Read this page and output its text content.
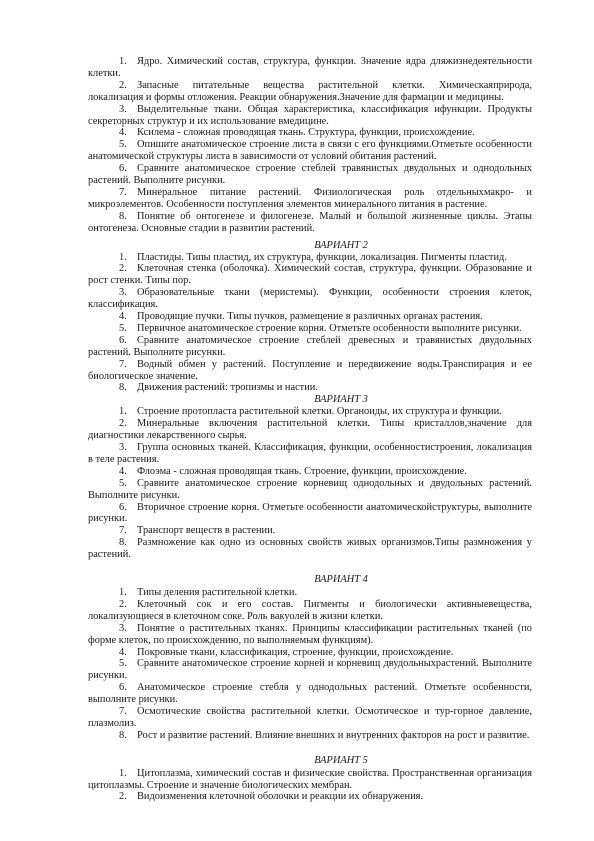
1. Ядро. Химический состав, структура, функции. Значение ядра дляжизнедеятельности клетки.

2. Запасные питательные вещества растительной клетки. Химическаяприрода, локализация и формы отложения. Реакции обнаружения.Значение для фармации и медицины.

3. Выделительные ткани. Общая характеристика, классификация ифункции. Продукты секреторных структур и их использование вмедицине.

4. Ксилема - сложная проводящая ткань. Структура, функции, происхождение.

5. Опишите анатомическое строение листа в связи с его функциями.Отметьте особенности анатомической структуры листа в зависимости от условий обитания растений.

6. Сравните анатомическое строение стеблей травянистых двудольных и однодольных растений. Выполните рисунки.

7. Минеральное питание растений. Физиологическая роль отдельныхмакро- и микроэлементов. Особенности поступления элементов минерального питания в растение.

8. Понятие об онтогенезе и филогенезе. Малый и большой жизненные циклы. Этапы онтогенеза. Основные стадии в развитии растений.

ВАРИАНТ 2

1. Пластиды. Типы пластид, их структура, функции, локализация. Пигменты пластид.

2. Клеточная стенка (оболочка). Химический состав, структура, функции. Образование и рост стенки. Типы пор.

3. Образовательные ткани (меристемы). Функции, особенности строения клеток, классификация.

4. Проводящие пучки. Типы пучков, размещение в различных органах растения.

5. Первичное анатомическое строение корня. Отметьте особенности выполните рисунки.

6. Сравните анатомическое строение стеблей древесных и травянистых двудольных растений. Выполните рисунки.

7. Водный обмен у растений. Поступление и передвижение воды.Транспирация и ее биологическое значение.

8. Движения растений: тропизмы и настии.

ВАРИАНТ 3

1. Строение протопласта растительной клетки. Органоиды, их структура и функции.

2. Минеральные включения растительной клетки. Типы кристаллов,значение для диагностики лекарственного сырья.

3. Группа основных тканей. Классификация, функции, особенностистроения, локализация в теле растения.

4. Флоэма - сложная проводящая ткань. Строение, функции, происхождение.

5. Сравните анатомическое строение корневищ однодольных и двудольных растений. Выполните рисунки.

6. Вторичное строение корня. Отметьте особенности анатомическойструктуры, выполните рисунки.

7. Транспорт веществ в растении.

8. Размножение как одно из основных свойств живых организмов.Типы размножения у растений.

ВАРИАНТ 4

1. Типы деления растительной клетки.

2. Клеточный сок и его состав. Пигменты и биологически активныевещества, локализующиеся в клеточном соке. Роль вакуолей в жизни клетки.

3. Понятие о растительных тканях. Принципы классификации растительных тканей (по форме клеток, по происхождению, по выполняемым функциям).

4. Покровные ткани, классификация, строение, функции, происхождение.

5. Сравните анатомическое строение корней и корневищ двудольныхрастений. Выполните рисунки.

6. Анатомическое строение стебля у однодольных растений. Отметьте особенности, выполните рисунки.

7. Осмотические свойства растительной клетки. Осмотическое и тур-горное давление, плазмолиз.

8. Рост и развитие растений. Влияние внешних и внутренних факторов на рост и развитие.

ВАРИАНТ 5

1. Цитоплазма, химический состав и физические свойства. Пространственная организация цитоплазмы. Строение и значение биологических мембран.

2. Видоизменения клеточной оболочки и реакции их обнаружения.
